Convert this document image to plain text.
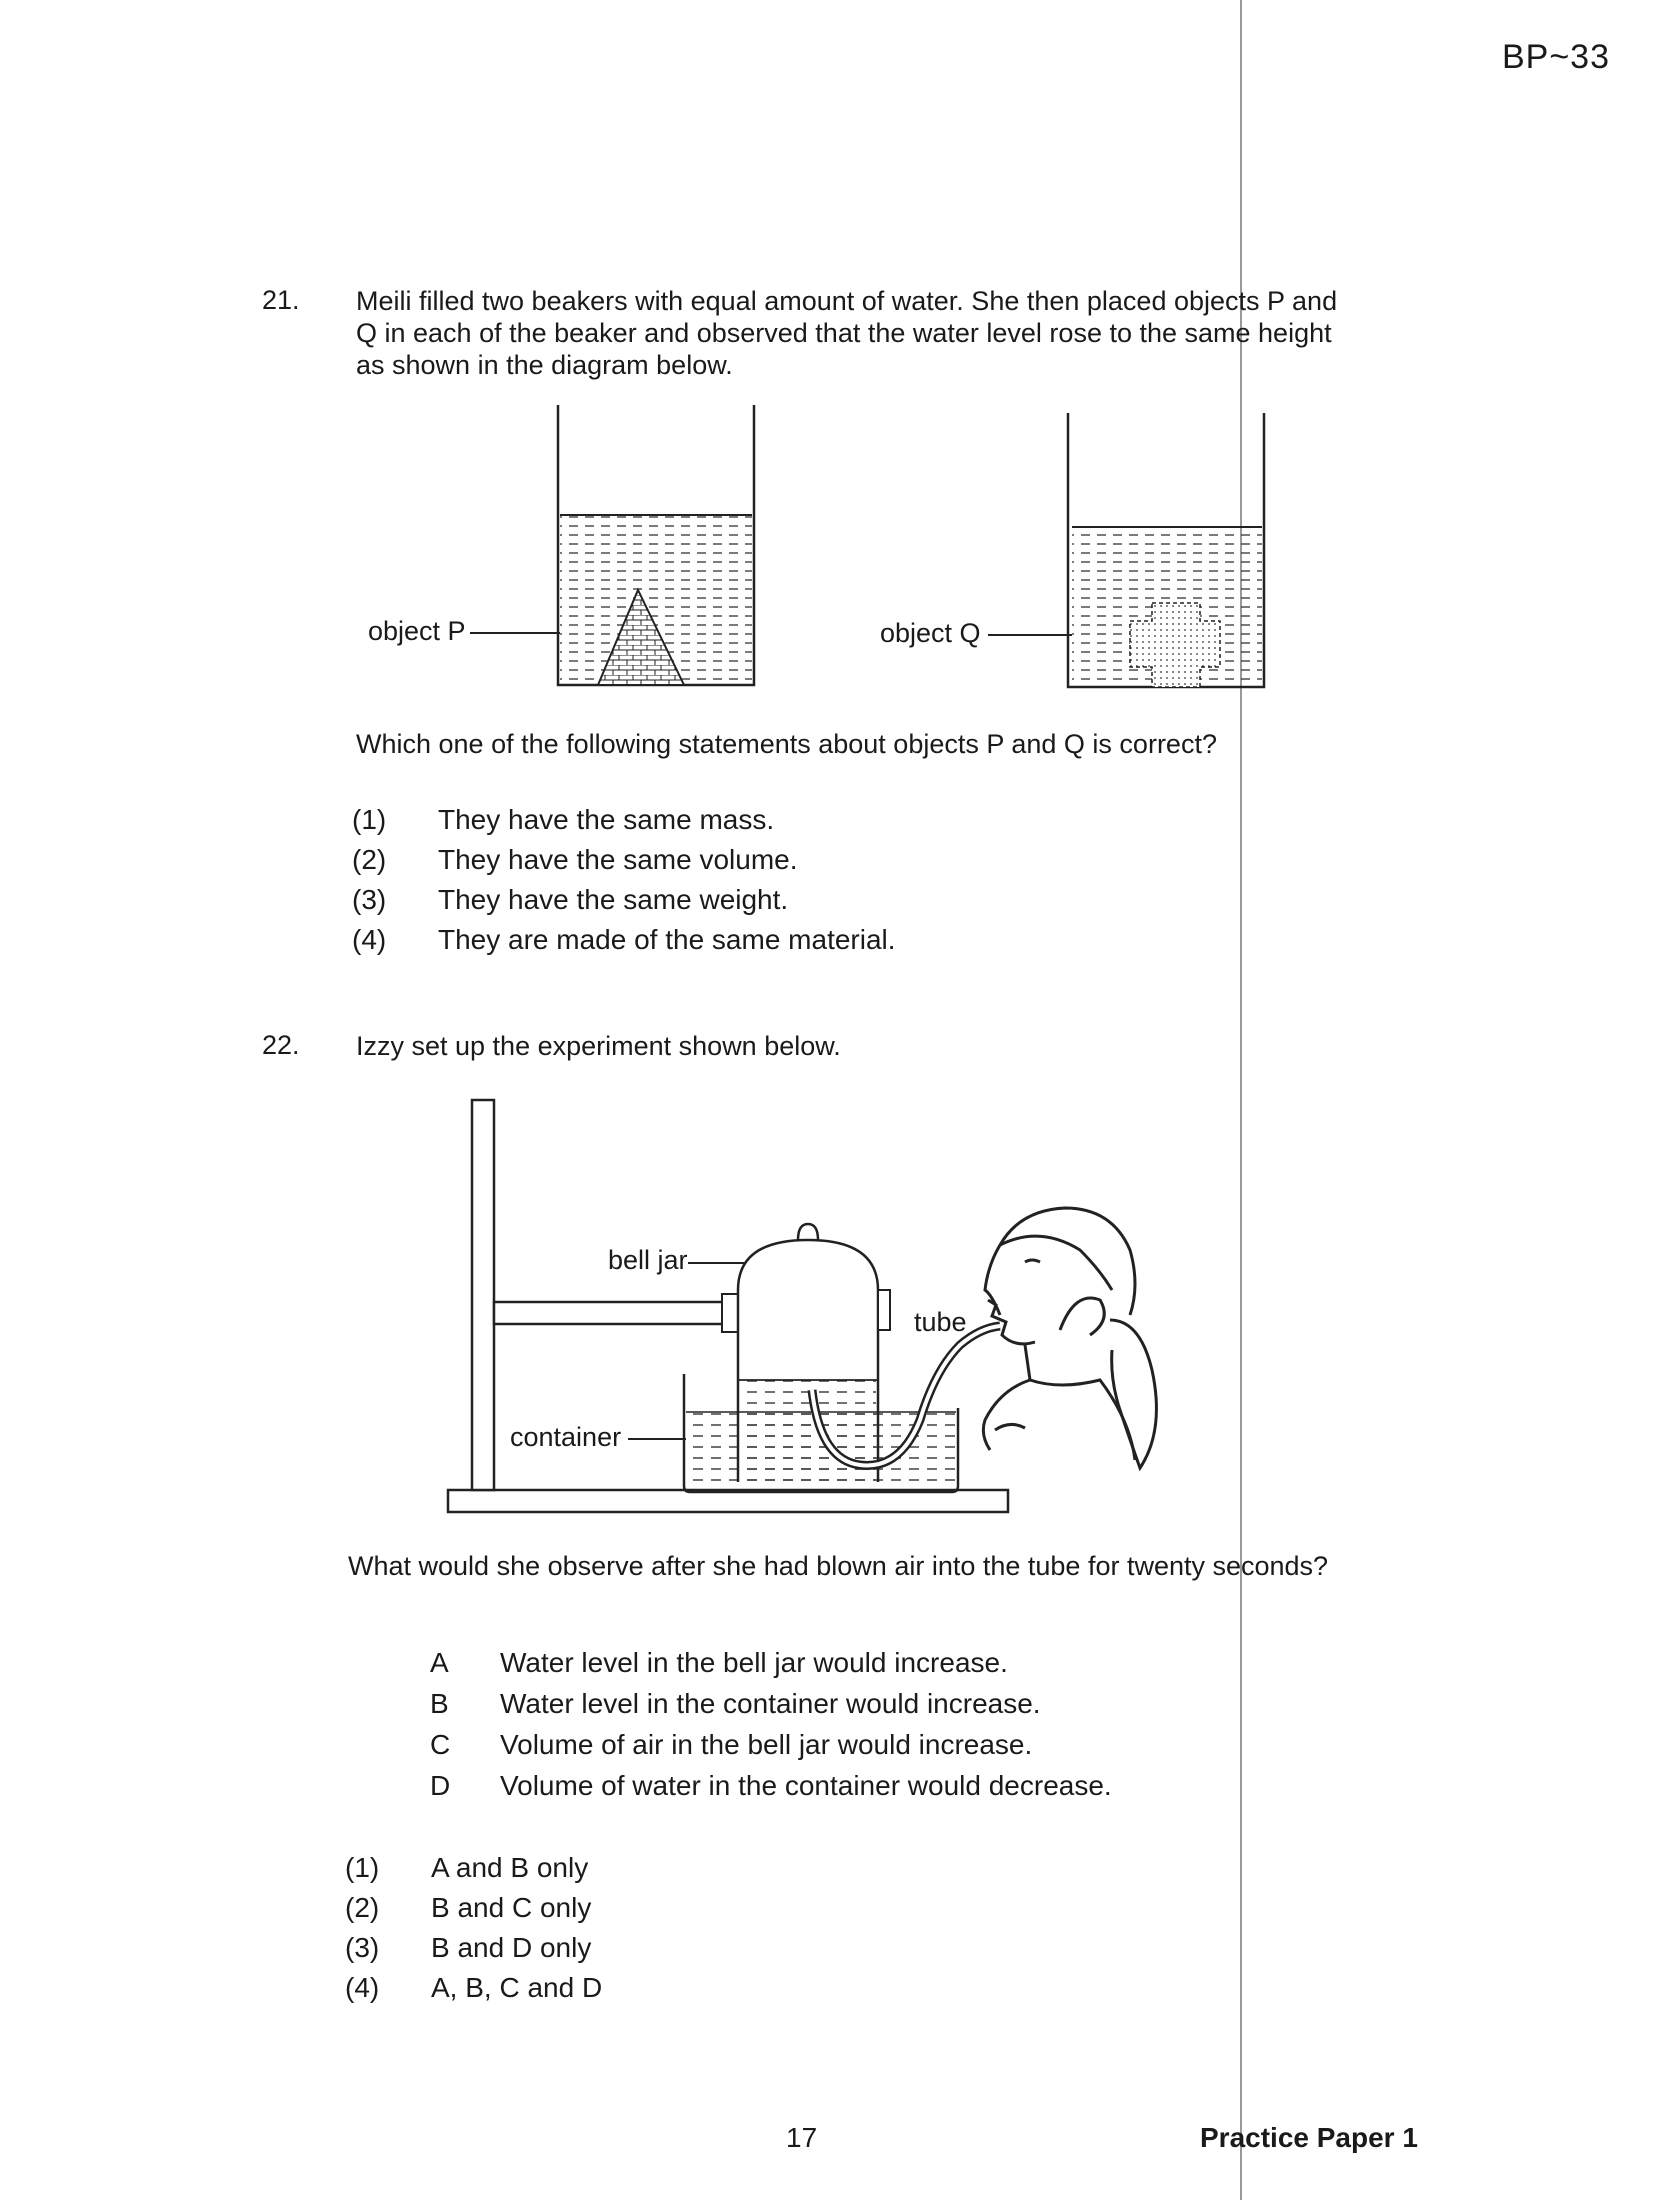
BP~33
21. Meili filled two beakers with equal amount of water. She then placed objects P and Q in each of the beaker and observed that the water level rose to the same height as shown in the diagram below.
object P	object Q
Which one of the following statements about objects P and Q is correct?
(1)	They have the same mass.
(2)	They have the same volume.
(3)	They have the same weight.
(4)	They are made of the same material.
22. Izzy set up the experiment shown below.
bell jar
tube
container
What would she observe after she had blown air into the tube for twenty seconds?
A	Water level in the bell jar would increase.
B	Water level in the container would increase.
C	Volume of air in the bell jar would increase.
D	Volume of water in the container would decrease.
(1)	A and B only
(2)	B and C only
(3)	B and D only
(4)	A, B, C and D
17	Practice Paper 1
